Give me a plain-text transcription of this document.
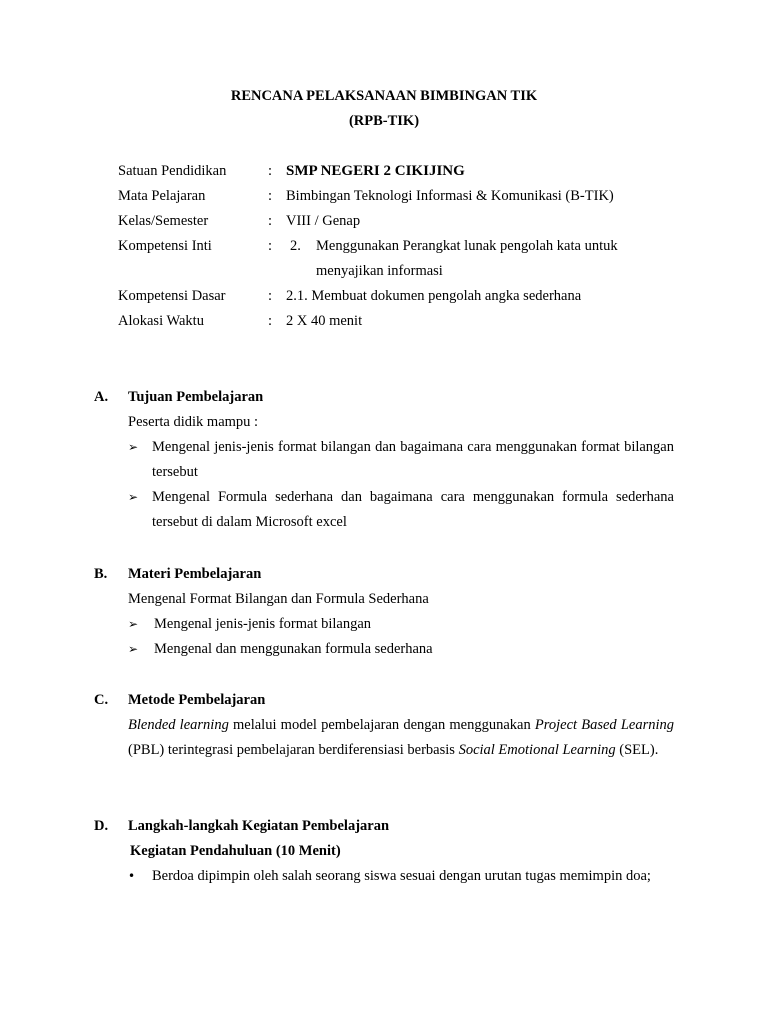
RENCANA PELAKSANAAN BIMBINGAN TIK
(RPB-TIK)
Satuan Pendidikan	: SMP NEGERI 2 CIKIJING
Mata Pelajaran	: Bimbingan Teknologi Informasi & Komunikasi (B-TIK)
Kelas/Semester	: VIII / Genap
Kompetensi Inti	:	2. Menggunakan Perangkat lunak pengolah kata untuk
menyajikan informasi
Kompetensi Dasar	: 2.1. Membuat dokumen pengolah angka sederhana
Alokasi Waktu	: 2 X 40 menit
A.	Tujuan Pembelajaran
Peserta didik mampu :
➢ Mengenal jenis-jenis format bilangan dan bagaimana cara menggunakan format bilangan tersebut
➢ Mengenal Formula sederhana dan bagaimana cara menggunakan formula sederhana tersebut di dalam Microsoft excel
B.	Materi Pembelajaran
Mengenal Format Bilangan dan Formula Sederhana
➢	Mengenal jenis-jenis format bilangan
➢	Mengenal dan menggunakan formula sederhana
C.	Metode Pembelajaran
Blended learning melalui model pembelajaran dengan menggunakan Project Based Learning (PBL) terintegrasi pembelajaran berdiferensiasi berbasis Social Emotional Learning (SEL).
D.	Langkah-langkah Kegiatan Pembelajaran
Kegiatan Pendahuluan (10 Menit)
•	Berdoa dipimpin oleh salah seorang siswa sesuai dengan urutan tugas memimpin doa;
